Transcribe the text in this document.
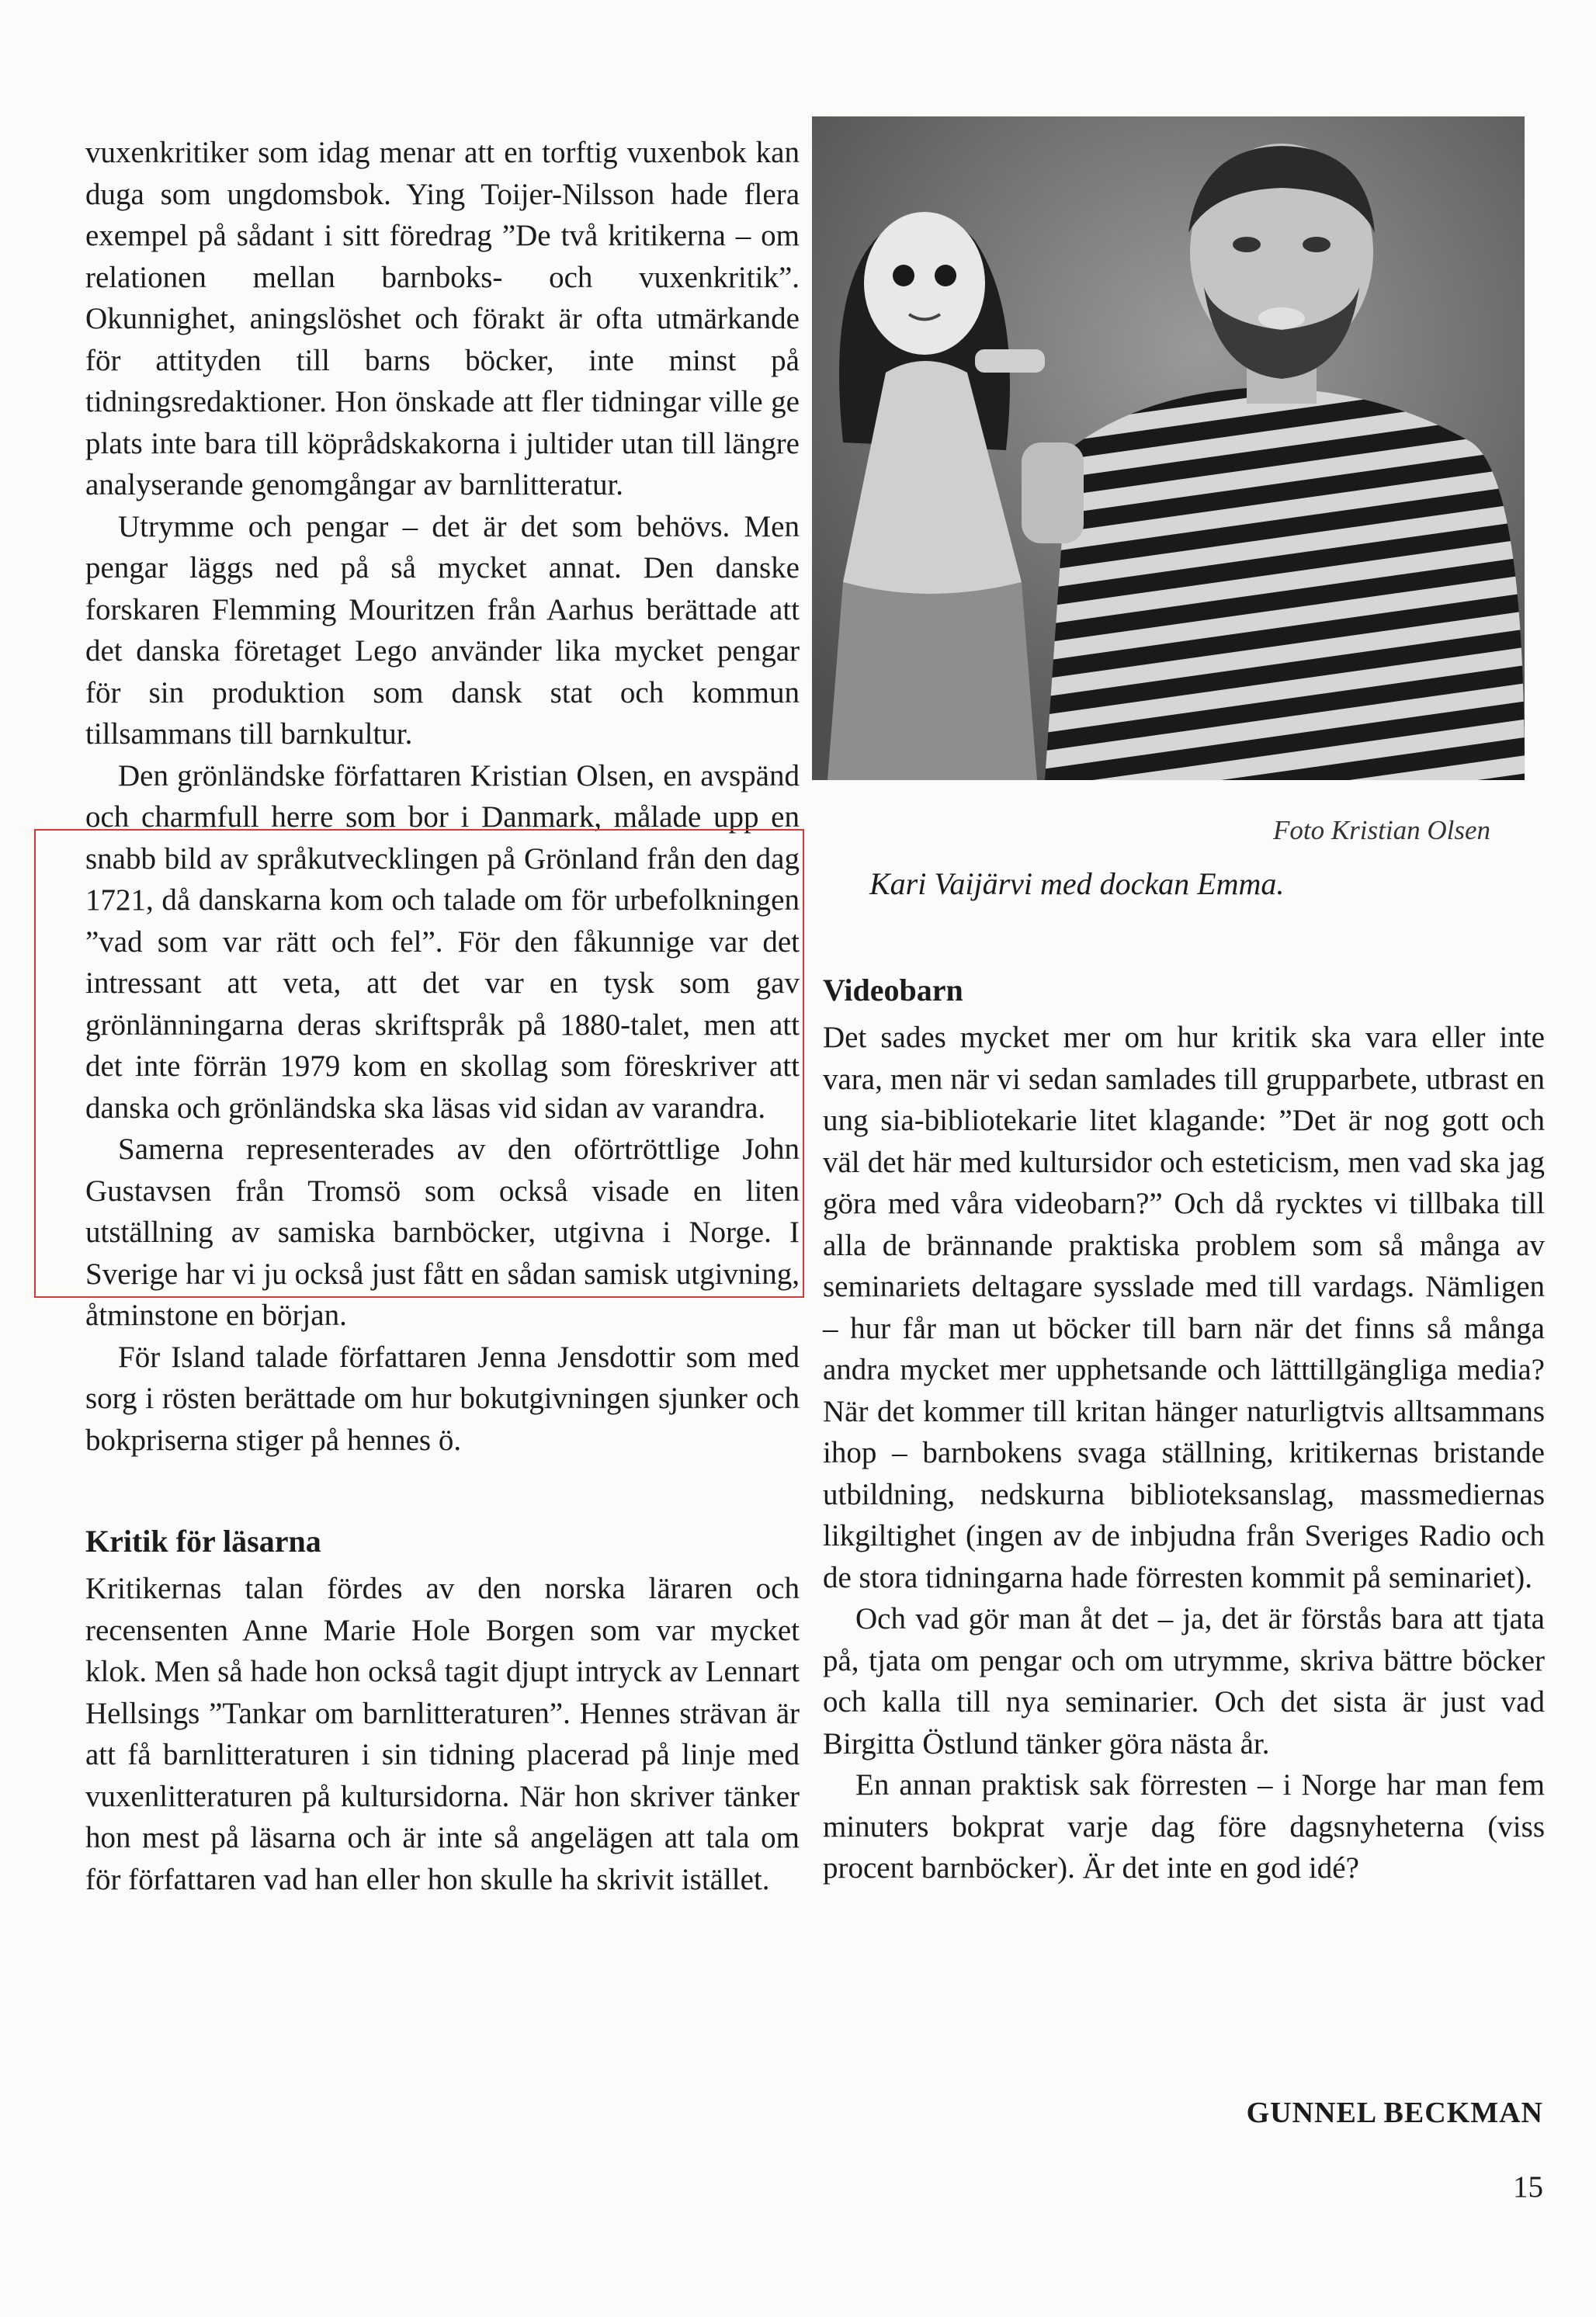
vuxenkritiker som idag menar att en torftig vuxenbok kan duga som ungdomsbok. Ying Toijer-Nilsson hade flera exempel på sådant i sitt föredrag ”De två kritikerna – om relationen mellan barnboks- och vuxenkritik”. Okunnighet, aningslöshet och förakt är ofta utmärkande för attityden till barns böcker, inte minst på tidningsredaktioner. Hon önskade att fler tidningar ville ge plats inte bara till köprådskakorna i jultider utan till längre analyserande genomgångar av barnlitteratur.

Utrymme och pengar – det är det som behövs. Men pengar läggs ned på så mycket annat. Den danske forskaren Flemming Mouritzen från Aarhus berättade att det danska företaget Lego använder lika mycket pengar för sin produktion som dansk stat och kommun tillsammans till barnkultur.

Den grönländske författaren Kristian Olsen, en avspänd och charmfull herre som bor i Danmark, målade upp en snabb bild av språkutvecklingen på Grönland från den dag 1721, då danskarna kom och talade om för urbefolkningen ”vad som var rätt och fel”. För den fåkunnige var det intressant att veta, att det var en tysk som gav grönlänningarna deras skriftspråk på 1880-talet, men att det inte förrän 1979 kom en skollag som föreskriver att danska och grönländska ska läsas vid sidan av varandra.

Samerna representerades av den oförtröttlige John Gustavsen från Tromsö som också visade en liten utställning av samiska barnböcker, utgivna i Norge. I Sverige har vi ju också just fått en sådan samisk utgivning, åtminstone en början.

För Island talade författaren Jenna Jensdottir som med sorg i rösten berättade om hur bokutgivningen sjunker och bokpriserna stiger på hennes ö.

Kritik för läsarna

Kritikernas talan fördes av den norska läraren och recensenten Anne Marie Hole Borgen som var mycket klok. Men så hade hon också tagit djupt intryck av Lennart Hellsings ”Tankar om barnlitteraturen”. Hennes strävan är att få barnlitteraturen i sin tidning placerad på linje med vuxenlitteraturen på kultursidorna. När hon skriver tänker hon mest på läsarna och är inte så angelägen att tala om för författaren vad han eller hon skulle ha skrivit istället.

Foto Kristian Olsen
Kari Vaijärvi med dockan Emma.
Videobarn

Det sades mycket mer om hur kritik ska vara eller inte vara, men när vi sedan samlades till grupparbete, utbrast en ung sia-bibliotekarie litet klagande: ”Det är nog gott och väl det här med kultursidor och esteticism, men vad ska jag göra med våra videobarn?” Och då rycktes vi tillbaka till alla de brännande praktiska problem som så många av seminariets deltagare sysslade med till vardags. Nämligen – hur får man ut böcker till barn när det finns så många andra mycket mer upphetsande och lätttillgängliga media? När det kommer till kritan hänger naturligtvis alltsammans ihop – barnbokens svaga ställning, kritikernas bristande utbildning, nedskurna biblioteksanslag, massmediernas likgiltighet (ingen av de inbjudna från Sveriges Radio och de stora tidningarna hade förresten kommit på seminariet).

Och vad gör man åt det – ja, det är förstås bara att tjata på, tjata om pengar och om utrymme, skriva bättre böcker och kalla till nya seminarier. Och det sista är just vad Birgitta Östlund tänker göra nästa år.

En annan praktisk sak förresten – i Norge har man fem minuters bokprat varje dag före dagsnyheterna (viss procent barnböcker). Är det inte en god idé?

GUNNEL BECKMAN
15
